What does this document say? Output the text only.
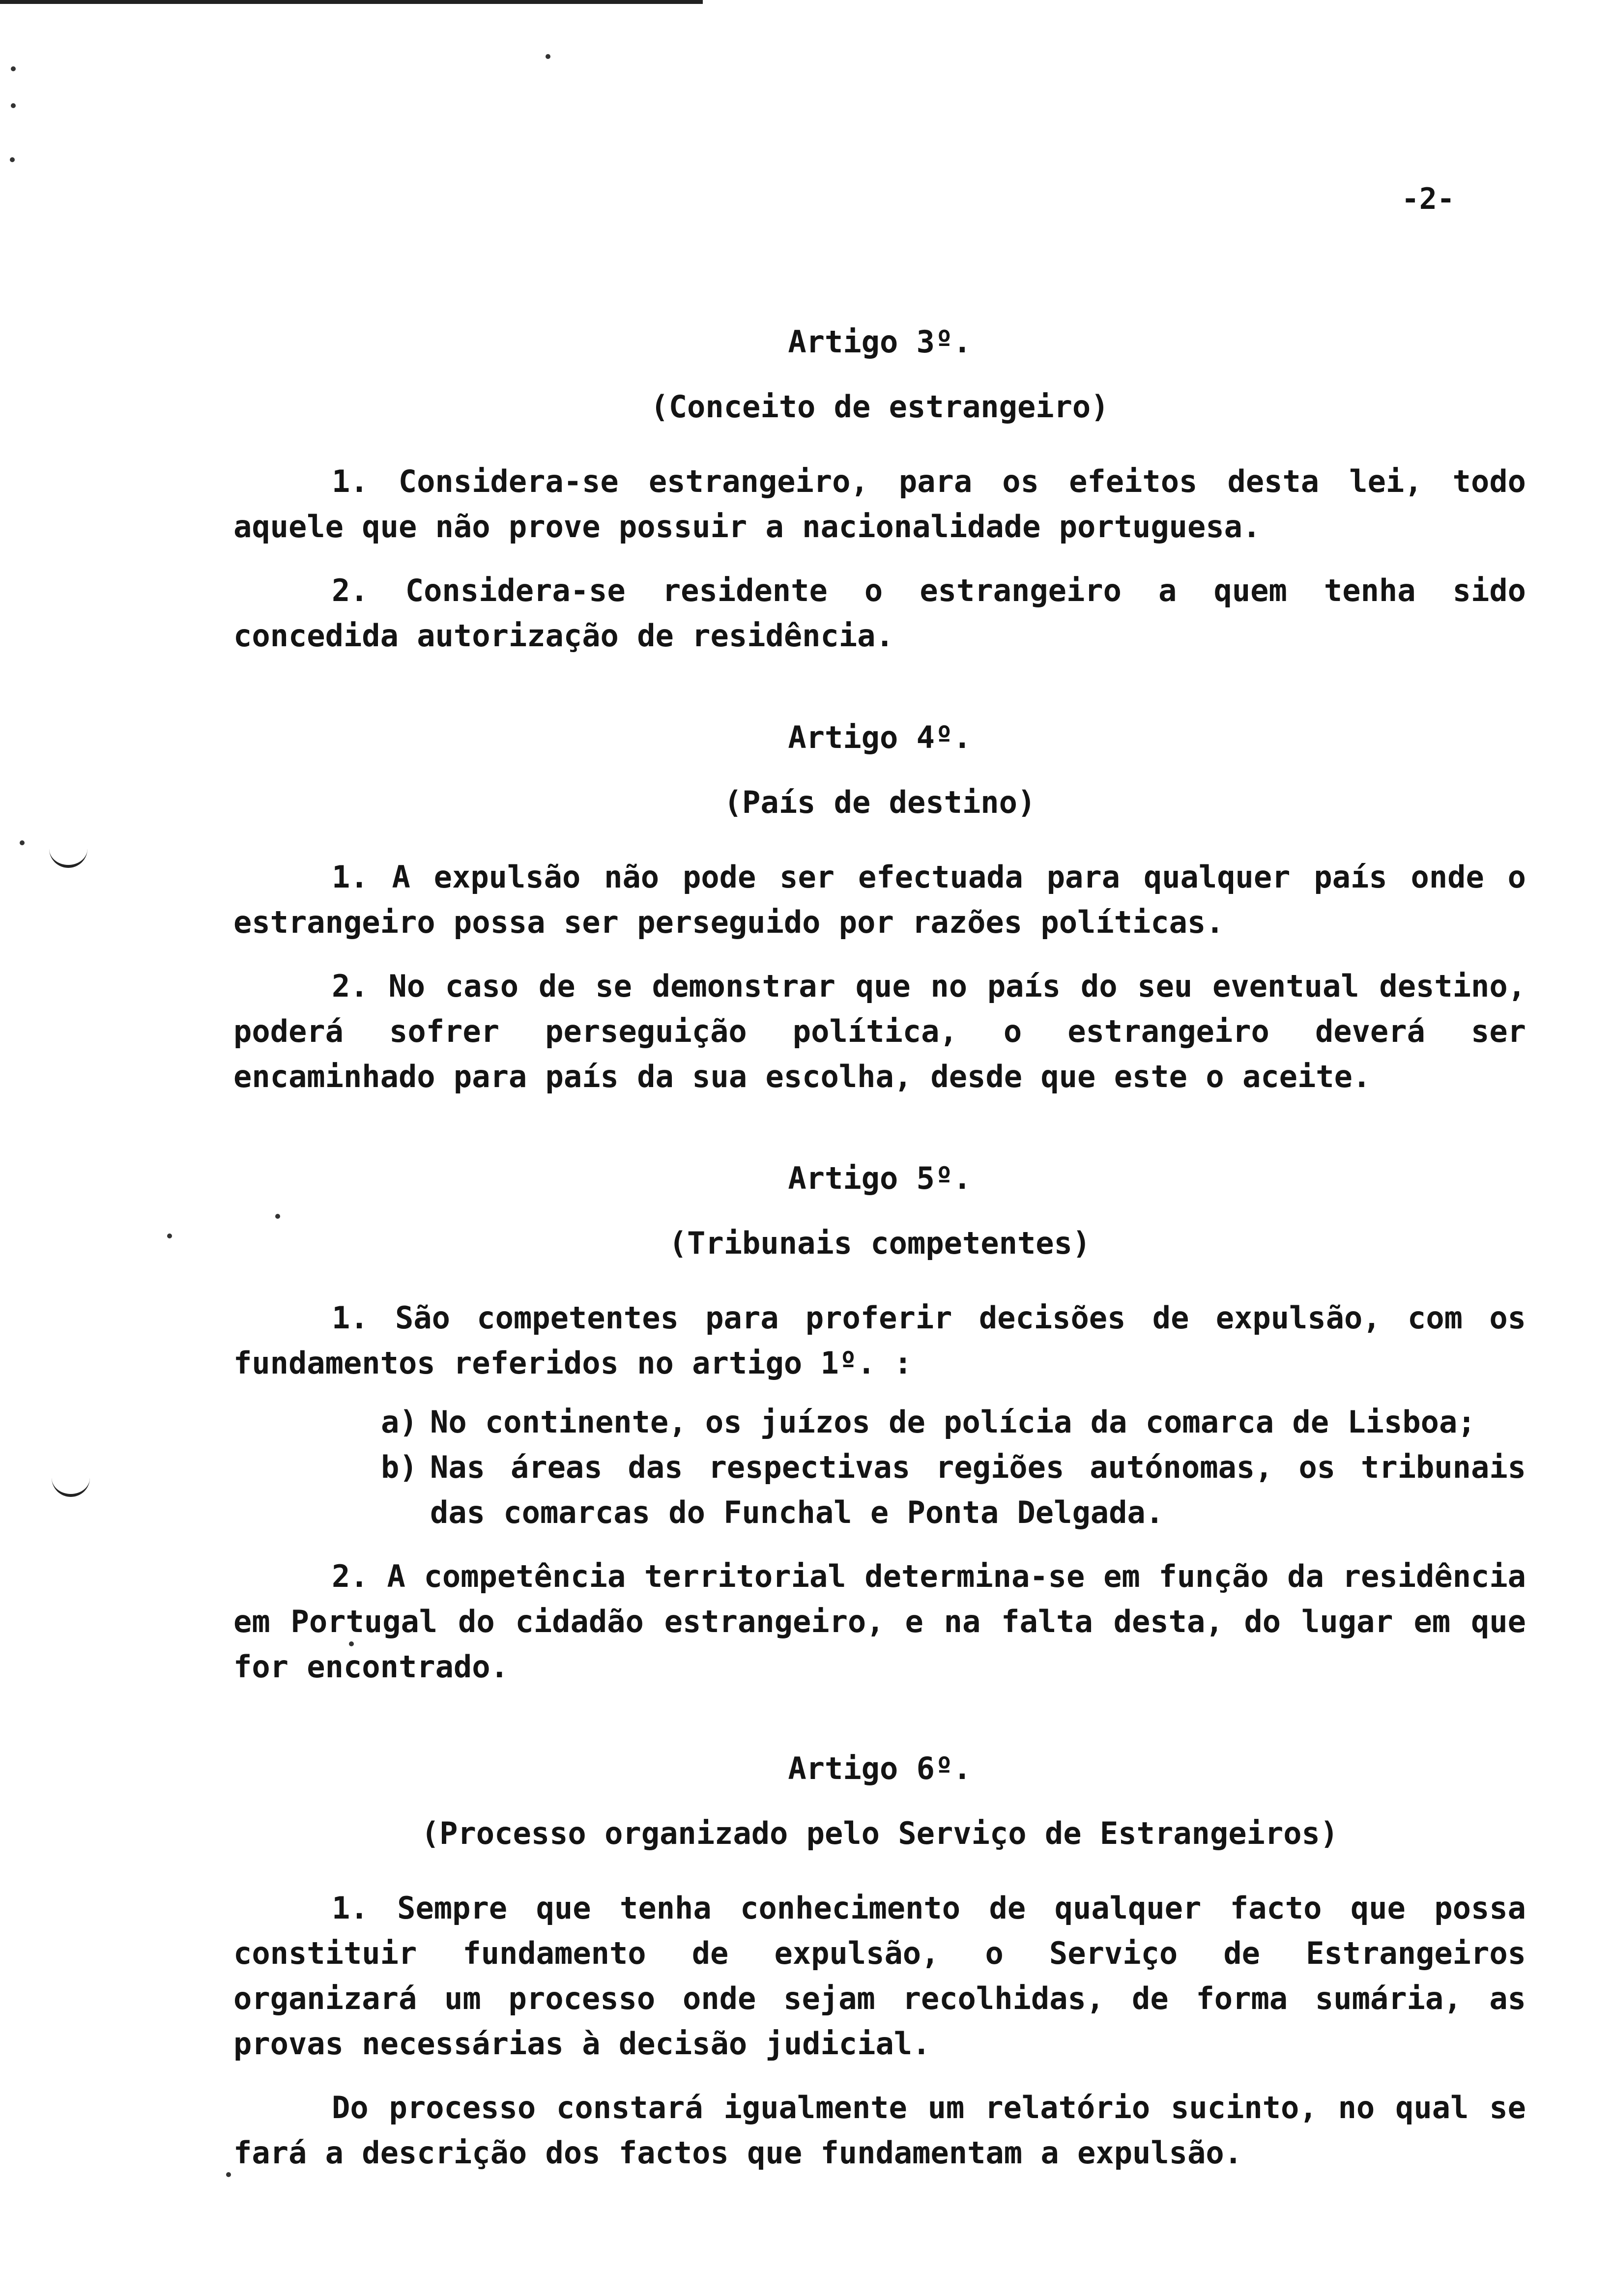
-2-

Artigo 3º.

(Conceito de estrangeiro)

1. Considera-se estrangeiro, para os efeitos desta lei, todo aquele que não prove possuir a nacionalidade portuguesa.

2. Considera-se residente o estrangeiro a quem tenha sido concedida autorização de residência.

Artigo 4º.

(País de destino)

1. A expulsão não pode ser efectuada para qualquer país onde o estrangeiro possa ser perseguido por razões políticas.

2. No caso de se demonstrar que no país do seu eventual destino, poderá sofrer perseguição política, o estrangeiro deverá ser encaminhado para país da sua escolha, desde que este o aceite.

Artigo 5º.

(Tribunais competentes)

1. São competentes para proferir decisões de expulsão, com os fundamentos referidos no artigo 1º. :

a) No continente, os juízos de polícia da comarca de Lisboa;
b) Nas áreas das respectivas regiões autónomas, os tribunais das comarcas do Funchal e Ponta Delgada.

2. A competência territorial determina-se em função da residência em Portugal do cidadão estrangeiro, e na falta desta, do lugar em que for encontrado.

Artigo 6º.

(Processo organizado pelo Serviço de Estrangeiros)

1. Sempre que tenha conhecimento de qualquer facto que possa constituir fundamento de expulsão, o Serviço de Estrangeiros organizará um processo onde sejam recolhidas, de forma sumária, as provas necessárias à decisão judicial.

Do processo constará igualmente um relatório sucinto, no qual se fará a descrição dos factos que fundamentam a expulsão.
